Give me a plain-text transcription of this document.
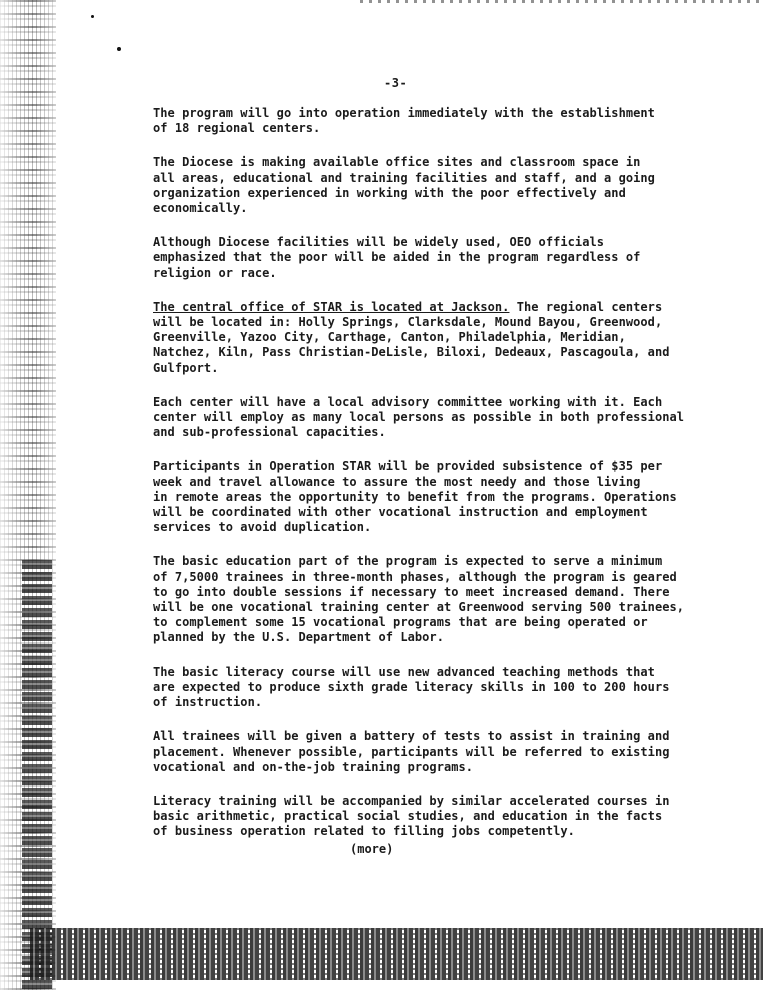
-3-

The program will go into operation immediately with the establishment
of 18 regional centers.

The Diocese is making available office sites and classroom space in
all areas, educational and training facilities and staff, and a going
organization experienced in working with the poor effectively and
economically.

Although Diocese facilities will be widely used, OEO officials
emphasized that the poor will be aided in the program regardless of
religion or race.

The central office of STAR is located at Jackson. The regional centers
will be located in: Holly Springs, Clarksdale, Mound Bayou, Greenwood,
Greenville, Yazoo City, Carthage, Canton, Philadelphia, Meridian,
Natchez, Kiln, Pass Christian-DeLisle, Biloxi, Dedeaux, Pascagoula, and
Gulfport.

Each center will have a local advisory committee working with it. Each
center will employ as many local persons as possible in both professional
and sub-professional capacities.

Participants in Operation STAR will be provided subsistence of $35 per
week and travel allowance to assure the most needy and those living
in remote areas the opportunity to benefit from the programs. Operations
will be coordinated with other vocational instruction and employment
services to avoid duplication.

The basic education part of the program is expected to serve a minimum
of 7,5000 trainees in three-month phases, although the program is geared
to go into double sessions if necessary to meet increased demand. There
will be one vocational training center at Greenwood serving 500 trainees,
to complement some 15 vocational programs that are being operated or
planned by the U.S. Department of Labor.

The basic literacy course will use new advanced teaching methods that
are expected to produce sixth grade literacy skills in 100 to 200 hours
of instruction.

All trainees will be given a battery of tests to assist in training and
placement. Whenever possible, participants will be referred to existing
vocational and on-the-job training programs.

Literacy training will be accompanied by similar accelerated courses in
basic arithmetic, practical social studies, and education in the facts
of business operation related to filling jobs competently.

(more)
